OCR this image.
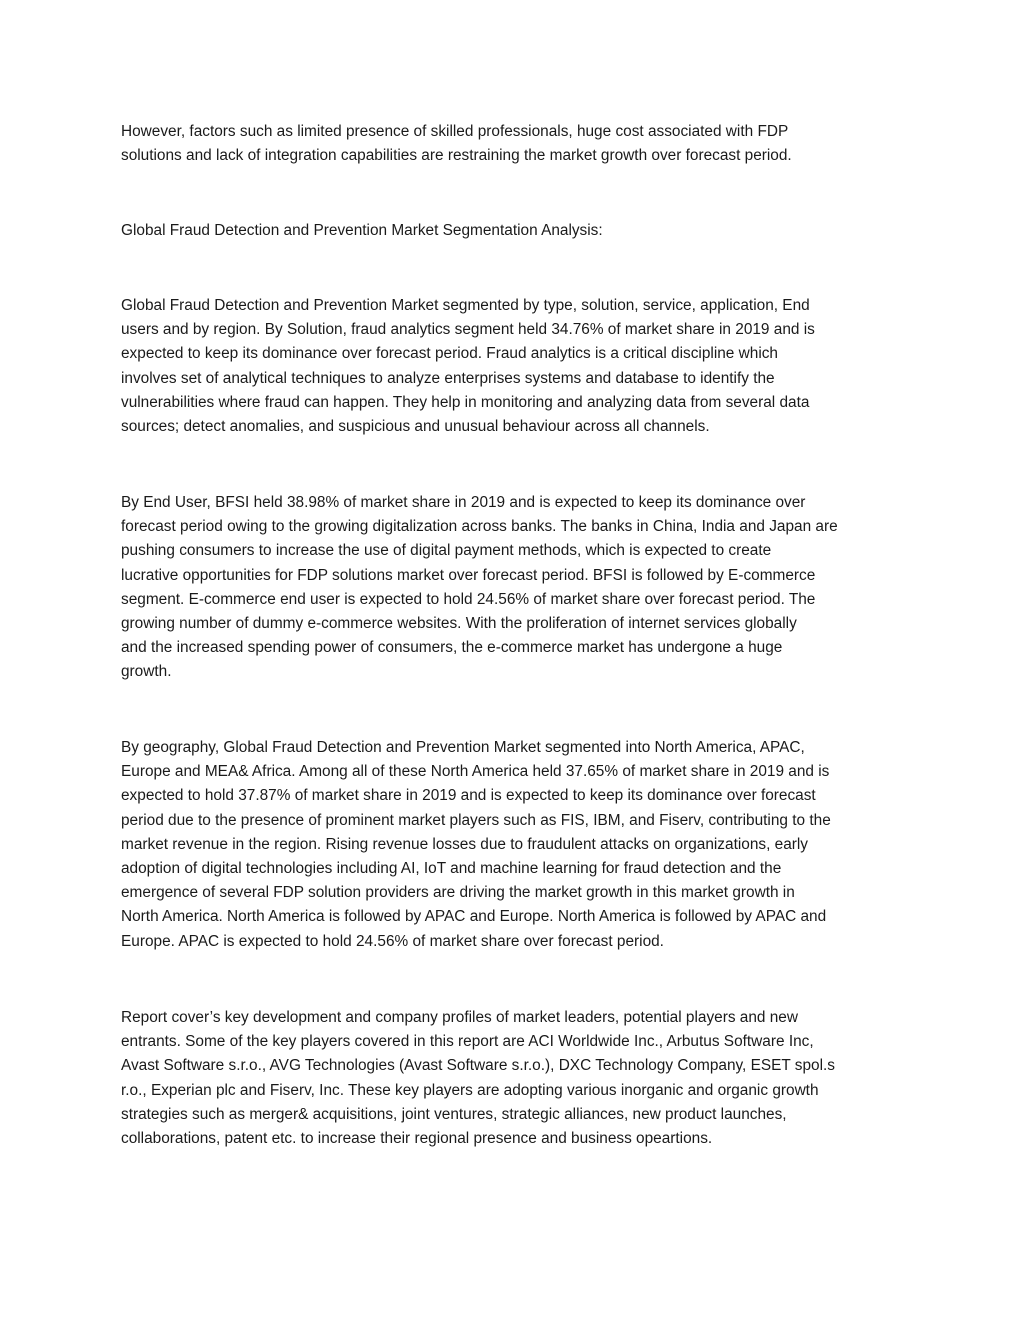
However, factors such as limited presence of skilled professionals, huge cost associated with FDP
solutions and lack of integration capabilities are restraining the market growth over forecast period.

Global Fraud Detection and Prevention Market Segmentation Analysis:

Global Fraud Detection and Prevention Market segmented by type, solution, service, application, End
users and by region. By Solution, fraud analytics segment held 34.76% of market share in 2019 and is
expected to keep its dominance over forecast period. Fraud analytics is a critical discipline which
involves set of analytical techniques to analyze enterprises systems and database to identify the
vulnerabilities where fraud can happen. They help in monitoring and analyzing data from several data
sources; detect anomalies, and suspicious and unusual behaviour across all channels.

By End User, BFSI held 38.98% of market share in 2019 and is expected to keep its dominance over
forecast period owing to the growing digitalization across banks. The banks in China, India and Japan are
pushing consumers to increase the use of digital payment methods, which is expected to create
lucrative opportunities for FDP solutions market over forecast period. BFSI is followed by E-commerce
segment. E-commerce end user is expected to hold 24.56% of market share over forecast period. The
growing number of dummy e-commerce websites. With the proliferation of internet services globally
and the increased spending power of consumers, the e-commerce market has undergone a huge
growth.

By geography, Global Fraud Detection and Prevention Market segmented into North America, APAC,
Europe and MEA& Africa. Among all of these North America held 37.65% of market share in 2019 and is
expected to hold 37.87% of market share in 2019 and is expected to keep its dominance over forecast
period due to the presence of prominent market players such as FIS, IBM, and Fiserv, contributing to the
market revenue in the region. Rising revenue losses due to fraudulent attacks on organizations, early
adoption of digital technologies including AI, IoT and machine learning for fraud detection and the
emergence of several FDP solution providers are driving the market growth in this market growth in
North America. North America is followed by APAC and Europe. North America is followed by APAC and
Europe. APAC is expected to hold 24.56% of market share over forecast period.

Report cover’s key development and company profiles of market leaders, potential players and new
entrants. Some of the key players covered in this report are ACI Worldwide Inc., Arbutus Software Inc,
Avast Software s.r.o., AVG Technologies (Avast Software s.r.o.), DXC Technology Company, ESET spol.s
r.o., Experian plc and Fiserv, Inc. These key players are adopting various inorganic and organic growth
strategies such as merger& acquisitions, joint ventures, strategic alliances, new product launches,
collaborations, patent etc. to increase their regional presence and business opeartions.
